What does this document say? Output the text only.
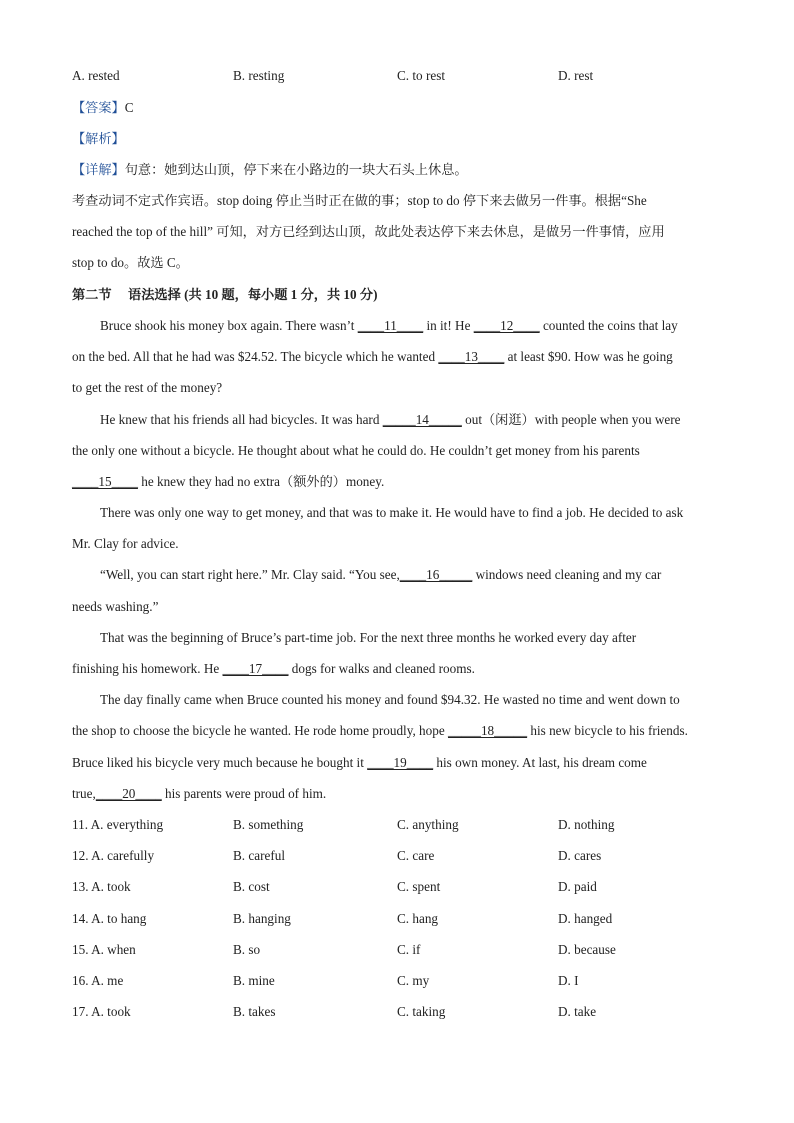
A. rested	B. resting	C. to rest	D. rest
【答案】C
【解析】
【详解】句意：她到达山顶，停下来在小路边的一块大石头上休息。
考查动词不定式作宾语。stop doing 停止当时正在做的事；stop to do 停下来去做另一件事。根据“She
reached the top of the hill” 可知，对方已经到达山顶，故此处表达停下来去休息，是做另一件事情，应用
stop to do。故选 C。
第二节　 语法选择 (共 10 题，每小题 1 分，共 10 分)
Bruce shook his money box again. There wasn’t ____11____ in it! He ____12____ counted the coins that lay
on the bed. All that he had was $24.52. The bicycle which he wanted ____13____ at least $90. How was he going
to get the rest of the money?
He knew that his friends all had bicycles. It was hard _____14_____ out（闲逛）with people when you were
the only one without a bicycle. He thought about what he could do. He couldn’t get money from his parents
____15____ he knew they had no extra（额外的）money.
There was only one way to get money, and that was to make it. He would have to find a job. He decided to ask
Mr. Clay for advice.
“Well, you can start right here.” Mr. Clay said. “You see,____16_____ windows need cleaning and my car
needs washing.”
That was the beginning of Bruce’s part-time job. For the next three months he worked every day after
finishing his homework. He ____17____ dogs for walks and cleaned rooms.
The day finally came when Bruce counted his money and found $94.32. He wasted no time and went down to
the shop to choose the bicycle he wanted. He rode home proudly, hope _____18_____ his new bicycle to his friends.
Bruce liked his bicycle very much because he bought it ____19____ his own money. At last, his dream come
true,____20____ his parents were proud of him.
11. A. everything	B. something	C. anything	D. nothing
12. A. carefully	B. careful	C. care	D. cares
13. A. took	B. cost	C. spent	D. paid
14. A. to hang	B. hanging	C. hang	D. hanged
15. A. when	B. so	C. if	D. because
16. A. me	B. mine	C. my	D. I
17. A. took	B. takes	C. taking	D. take
